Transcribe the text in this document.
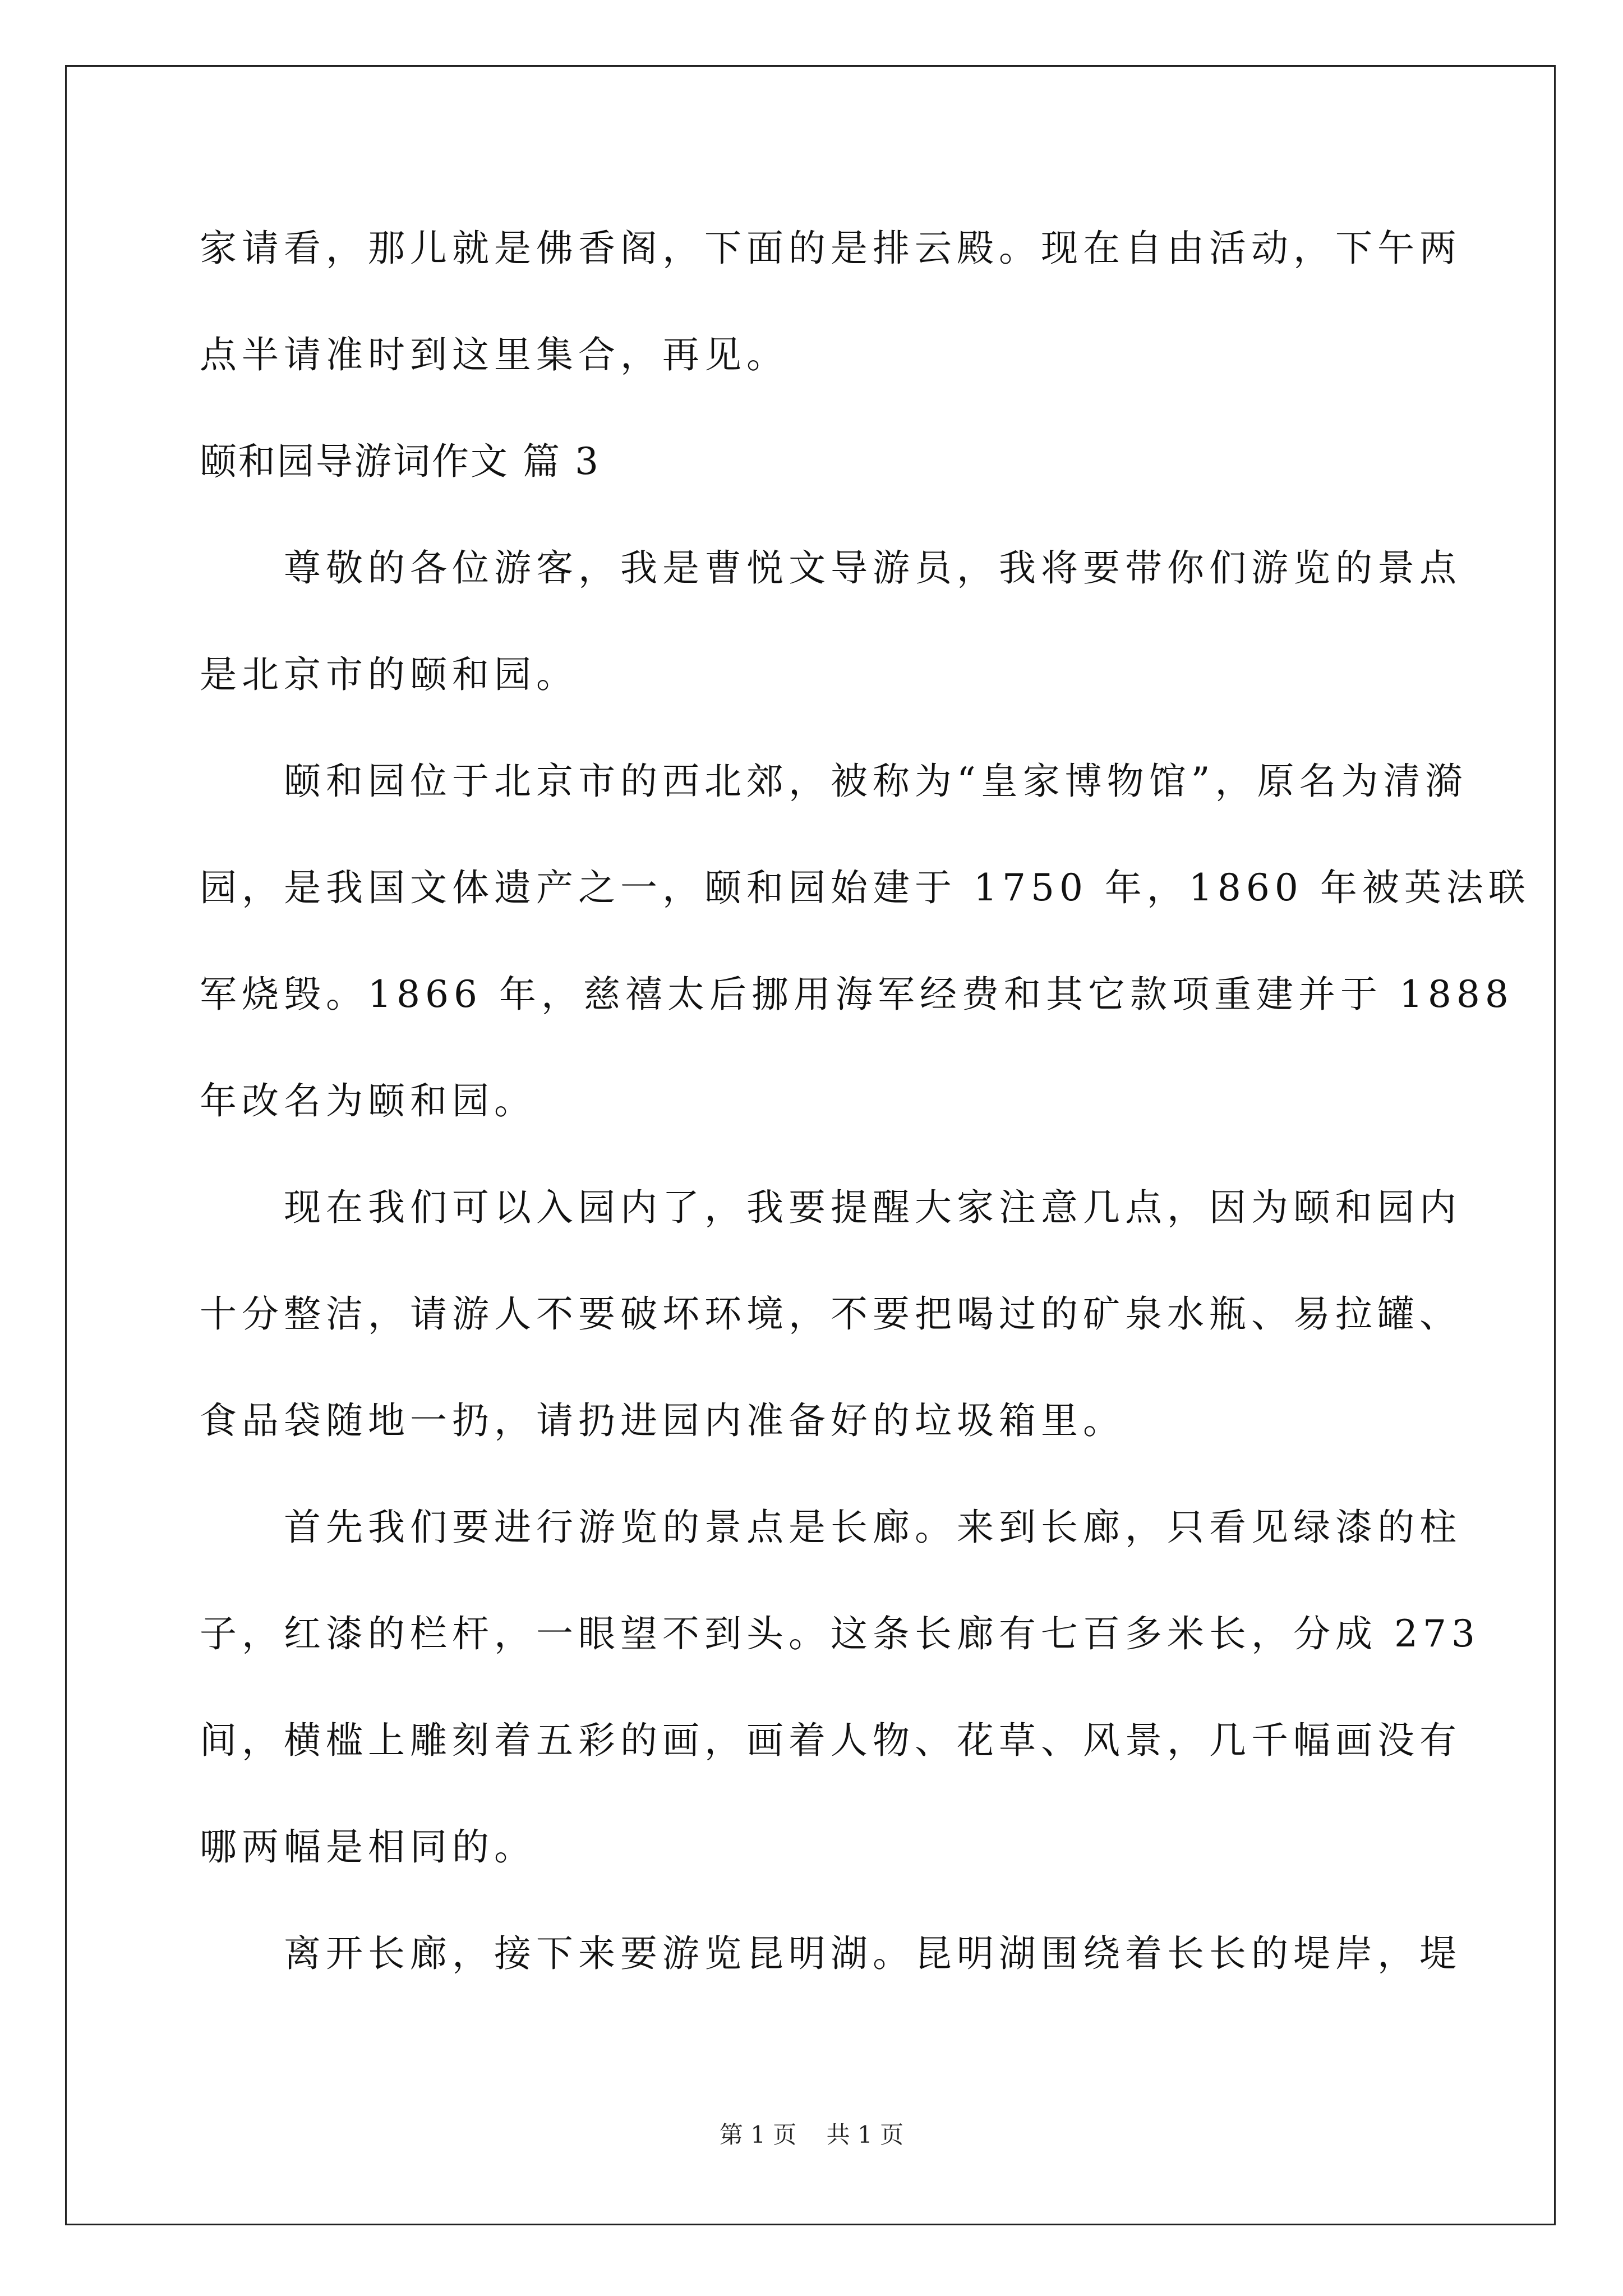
家请看，那儿就是佛香阁，下面的是排云殿。现在自由活动，下午两
点半请准时到这里集合，再见。
颐和园导游词作文 篇 3
尊敬的各位游客，我是曹悦文导游员，我将要带你们游览的景点
是北京市的颐和园。
颐和园位于北京市的西北郊，被称为“皇家博物馆”，原名为清漪
园，是我国文体遗产之一，颐和园始建于 1750 年，1860 年被英法联
军烧毁。1866 年，慈禧太后挪用海军经费和其它款项重建并于 1888
年改名为颐和园。
现在我们可以入园内了，我要提醒大家注意几点，因为颐和园内
十分整洁，请游人不要破坏环境，不要把喝过的矿泉水瓶、易拉罐、
食品袋随地一扔，请扔进园内准备好的垃圾箱里。
首先我们要进行游览的景点是长廊。来到长廊，只看见绿漆的柱
子，红漆的栏杆，一眼望不到头。这条长廊有七百多米长，分成 273
间，横槛上雕刻着五彩的画，画着人物、花草、风景，几千幅画没有
哪两幅是相同的。
离开长廊，接下来要游览昆明湖。昆明湖围绕着长长的堤岸，堤
第 1 页 共 1 页
